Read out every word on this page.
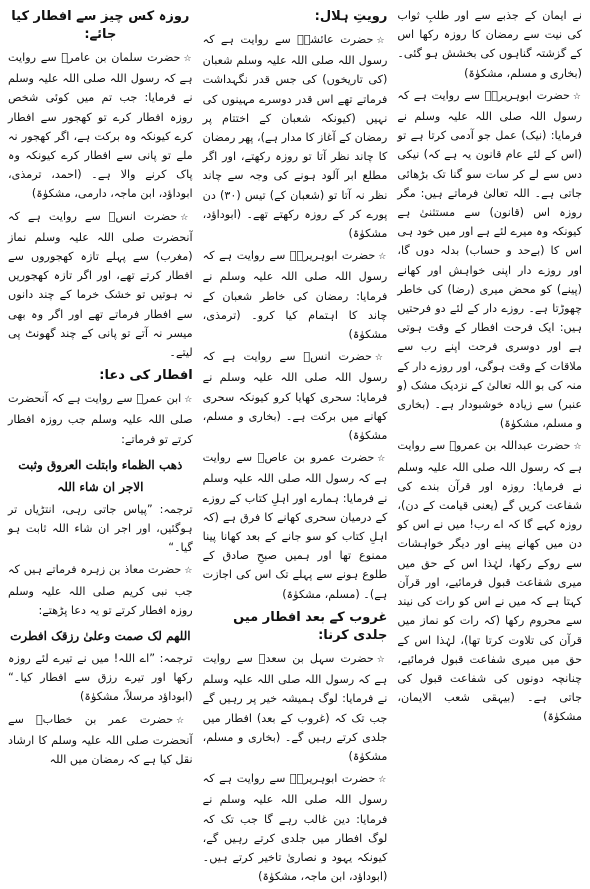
نے ایمان کے جذبے سے اور طلبِ ثواب کی نیت سے رمضان کا روزہ رکھا اس کے گزشتہ گناہوں کی بخشش ہو گئی۔ (بخاری و مسلم، مشکوٰۃ)

☆حضرت ابوہریرہؓ سے روایت ہے کہ رسول اللہ صلی اللہ علیہ وسلم نے فرمایا: (نیک) عمل جو آدمی کرتا ہے تو (اس کے لئے عام قانون یہ ہے کہ) نیکی دس سے لے کر سات سو گنا تک بڑھائی جاتی ہے۔ اللہ تعالیٰ فرماتے ہیں: مگر روزہ اس (قانون) سے مستثنیٰ ہے کیونکہ وہ میرے لئے ہے اور میں خود ہی اس کا (بےحد و حساب) بدلہ دوں گا، اور روزے دار اپنی خواہش اور کھانے (پینے) کو محض میری (رضا) کی خاطر چھوڑتا ہے۔ روزے دار کے لئے دو فرحتیں ہیں: ایک فرحت افطار کے وقت ہوتی ہے اور دوسری فرحت اپنے رب سے ملاقات کے وقت ہوگی، اور روزے دار کے منہ کی بو اللہ تعالیٰ کے نزدیک مشک (و عنبر) سے زیادہ خوشبودار ہے۔ (بخاری و مسلم، مشکوٰۃ)

☆حضرت عبداللہ بن عمروؓ سے روایت ہے کہ رسول اللہ صلی اللہ علیہ وسلم نے فرمایا: روزہ اور قرآن بندے کی شفاعت کریں گے (یعنی قیامت کے دن)، روزہ کہے گا کہ اے رب! میں نے اس کو دن میں کھانے پینے اور دیگر خواہشات سے روکے رکھا، لہٰذا اس کے حق میں میری شفاعت قبول فرمائیے، اور قرآن کہتا ہے کہ میں نے اس کو رات کی نیند سے محروم رکھا (کہ رات کو نماز میں قرآن کی تلاوت کرتا تھا)، لہٰذا اس کے حق میں میری شفاعت قبول فرمائیے، چنانچہ دونوں کی شفاعت قبول کی جاتی ہے۔ (بیہقی شعب الایمان، مشکوٰۃ)

رویتِ ہلال:

☆حضرت عائشہؓ سے روایت ہے کہ رسول اللہ صلی اللہ علیہ وسلم شعبان (کی تاریخوں) کی جس قدر نگہداشت فرماتے تھے اس قدر دوسرے مہینوں کی نہیں (کیونکہ شعبان کے اختتام پر رمضان کے آغاز کا مدار ہے)، پھر رمضان کا چاند نظر آتا تو روزہ رکھتے، اور اگر مطلع ابر آلود ہونے کی وجہ سے چاند نظر نہ آتا تو (شعبان کے) تیس (۳۰) دن پورے کر کے روزہ رکھتے تھے۔ (ابوداؤد، مشکوٰۃ)

☆حضرت ابوہریرہؓ سے روایت ہے کہ رسول اللہ صلی اللہ علیہ وسلم نے فرمایا: رمضان کی خاطر شعبان کے چاند کا اہتمام کیا کرو۔ (ترمذی، مشکوٰۃ)

☆حضرت انسؓ سے روایت ہے کہ رسول اللہ صلی اللہ علیہ وسلم نے فرمایا: سحری کھایا کرو کیونکہ سحری کھانے میں برکت ہے۔ (بخاری و مسلم، مشکوٰۃ)

☆حضرت عمرو بن عاصؓ سے روایت ہے کہ رسول اللہ صلی اللہ علیہ وسلم نے فرمایا: ہمارے اور اہلِ کتاب کے روزے کے درمیان سحری کھانے کا فرق ہے (کہ اہلِ کتاب کو سو جانے کے بعد کھانا پینا ممنوع تھا اور ہمیں صبحِ صادق کے طلوع ہونے سے پہلے تک اس کی اجازت ہے)۔ (مسلم، مشکوٰۃ)

غروب کے بعد افطار میں جلدی کرنا:

☆حضرت سہل بن سعدؓ سے روایت ہے کہ رسول اللہ صلی اللہ علیہ وسلم نے فرمایا: لوگ ہمیشہ خیر پر رہیں گے جب تک کہ (غروب کے بعد) افطار میں جلدی کرتے رہیں گے۔ (بخاری و مسلم، مشکوٰۃ)

☆حضرت ابوہریرہؓ سے روایت ہے کہ رسول اللہ صلی اللہ علیہ وسلم نے فرمایا: دین غالب رہے گا جب تک کہ لوگ افطار میں جلدی کرتے رہیں گے، کیونکہ یہود و نصاریٰ تاخیر کرتے ہیں۔ (ابوداؤد، ابن ماجہ، مشکوٰۃ)

روزہ کس چیز سے افطار کیا جائے:

☆حضرت سلمان بن عامرؓ سے روایت ہے کہ رسول اللہ صلی اللہ علیہ وسلم نے فرمایا: جب تم میں کوئی شخص روزہ افطار کرے تو کھجور سے افطار کرے کیونکہ وہ برکت ہے، اگر کھجور نہ ملے تو پانی سے افطار کرے کیونکہ وہ پاک کرنے والا ہے۔ (احمد، ترمذی، ابوداؤد، ابن ماجہ، دارمی، مشکوٰۃ)

☆حضرت انسؓ سے روایت ہے کہ آنحضرت صلی اللہ علیہ وسلم نماز (مغرب) سے پہلے تازہ کھجوروں سے افطار کرتے تھے، اور اگر تازہ کھجوریں نہ ہوتیں تو خشک خرما کے چند دانوں سے افطار فرماتے تھے اور اگر وہ بھی میسر نہ آتے تو پانی کے چند گھونٹ پی لیتے۔

افطار کی دعا:

☆ابن عمرؓ سے روایت ہے کہ آنحضرت صلی اللہ علیہ وسلم جب روزہ افطار کرتے تو فرماتے:

ذھب الظماء وابتلت العروق وثبت الاجر ان شاء اللہ

ترجمہ: ”پیاس جاتی رہی، انتڑیاں تر ہوگئیں، اور اجر ان شاء اللہ ثابت ہو گیا۔“

☆حضرت معاذ بن زہرہ فرماتے ہیں کہ جب نبی کریم صلی اللہ علیہ وسلم روزہ افطار کرتے تو یہ دعا پڑھتے:

اللھم لک صمت وعلیٰ رزقک افطرت

ترجمہ: ”اے اللہ! میں نے تیرے لئے روزہ رکھا اور تیرے رزق سے افطار کیا۔“ (ابوداؤد مرسلاً، مشکوٰۃ)

☆حضرت عمر بن خطابؓ سے آنحضرت صلی اللہ علیہ وسلم کا ارشاد نقل کیا ہے کہ رمضان میں اللہ
